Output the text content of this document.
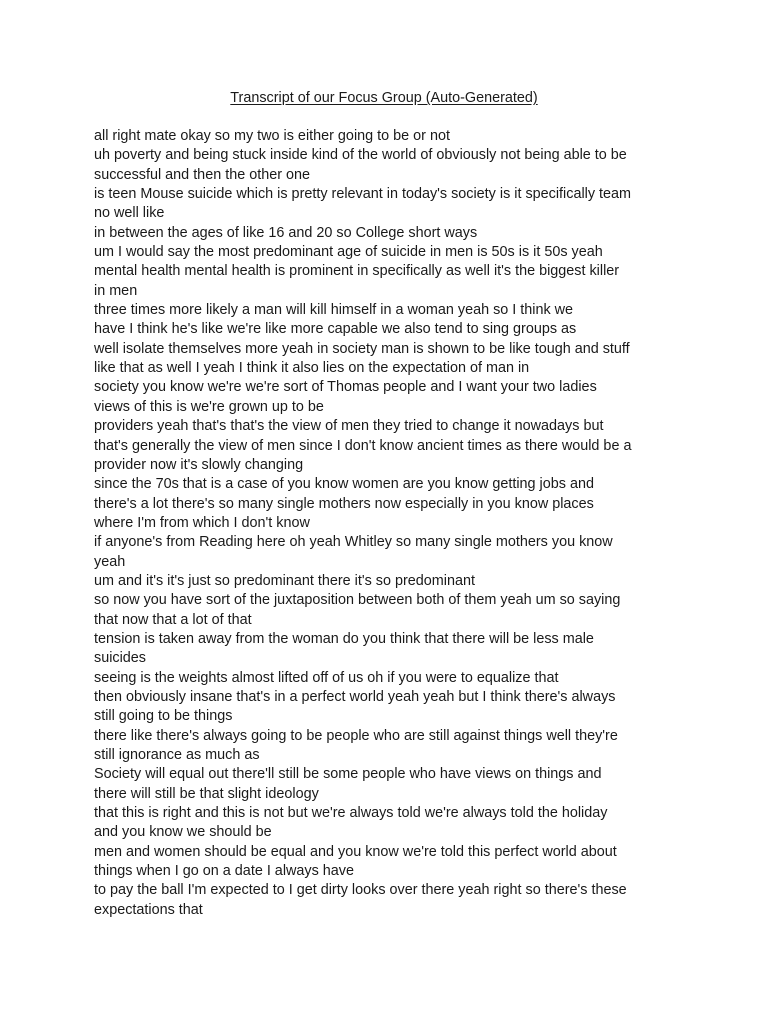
Transcript of our Focus Group (Auto-Generated)
all right mate okay so my two is either going to be or not
uh poverty and being stuck inside kind of the world of obviously not being able to be
successful and then the other one
is teen Mouse suicide which is pretty relevant in today's society is it specifically team
no well like
in between the ages of like 16 and 20 so College short ways
um I would say the most predominant age of suicide in men is 50s is it 50s yeah
mental health mental health is prominent in specifically as well it's the biggest killer
in men
three times more likely a man will kill himself in a woman yeah so I think we
have I think he's like we're like more capable we also tend to sing groups as
well isolate themselves more yeah in society man is shown to be like tough and stuff
like that as well I yeah I think it also lies on the expectation of man in
society you know we're we're sort of Thomas people and I want your two ladies
views of this is we're grown up to be
providers yeah that's that's the view of men they tried to change it nowadays but
that's generally the view of men since I don't know ancient times as there would be a
provider now it's slowly changing
since the 70s that is a case of you know women are you know getting jobs and
there's a lot there's so many single mothers now especially in you know places
where I'm from which I don't know
if anyone's from Reading here oh yeah Whitley so many single mothers you know
yeah
um and it's it's just so predominant there it's so predominant
so now you have sort of the juxtaposition between both of them yeah um so saying
that now that a lot of that
tension is taken away from the woman do you think that there will be less male
suicides
seeing is the weights almost lifted off of us oh if you were to equalize that
then obviously insane that's in a perfect world yeah yeah but I think there's always
still going to be things
there like there's always going to be people who are still against things well they're
still ignorance as much as
Society will equal out there'll still be some people who have views on things and
there will still be that slight ideology
that this is right and this is not but we're always told we're always told the holiday
and you know we should be
men and women should be equal and you know we're told this perfect world about
things when I go on a date I always have
to pay the ball I'm expected to I get dirty looks over there yeah right so there's these
expectations that
